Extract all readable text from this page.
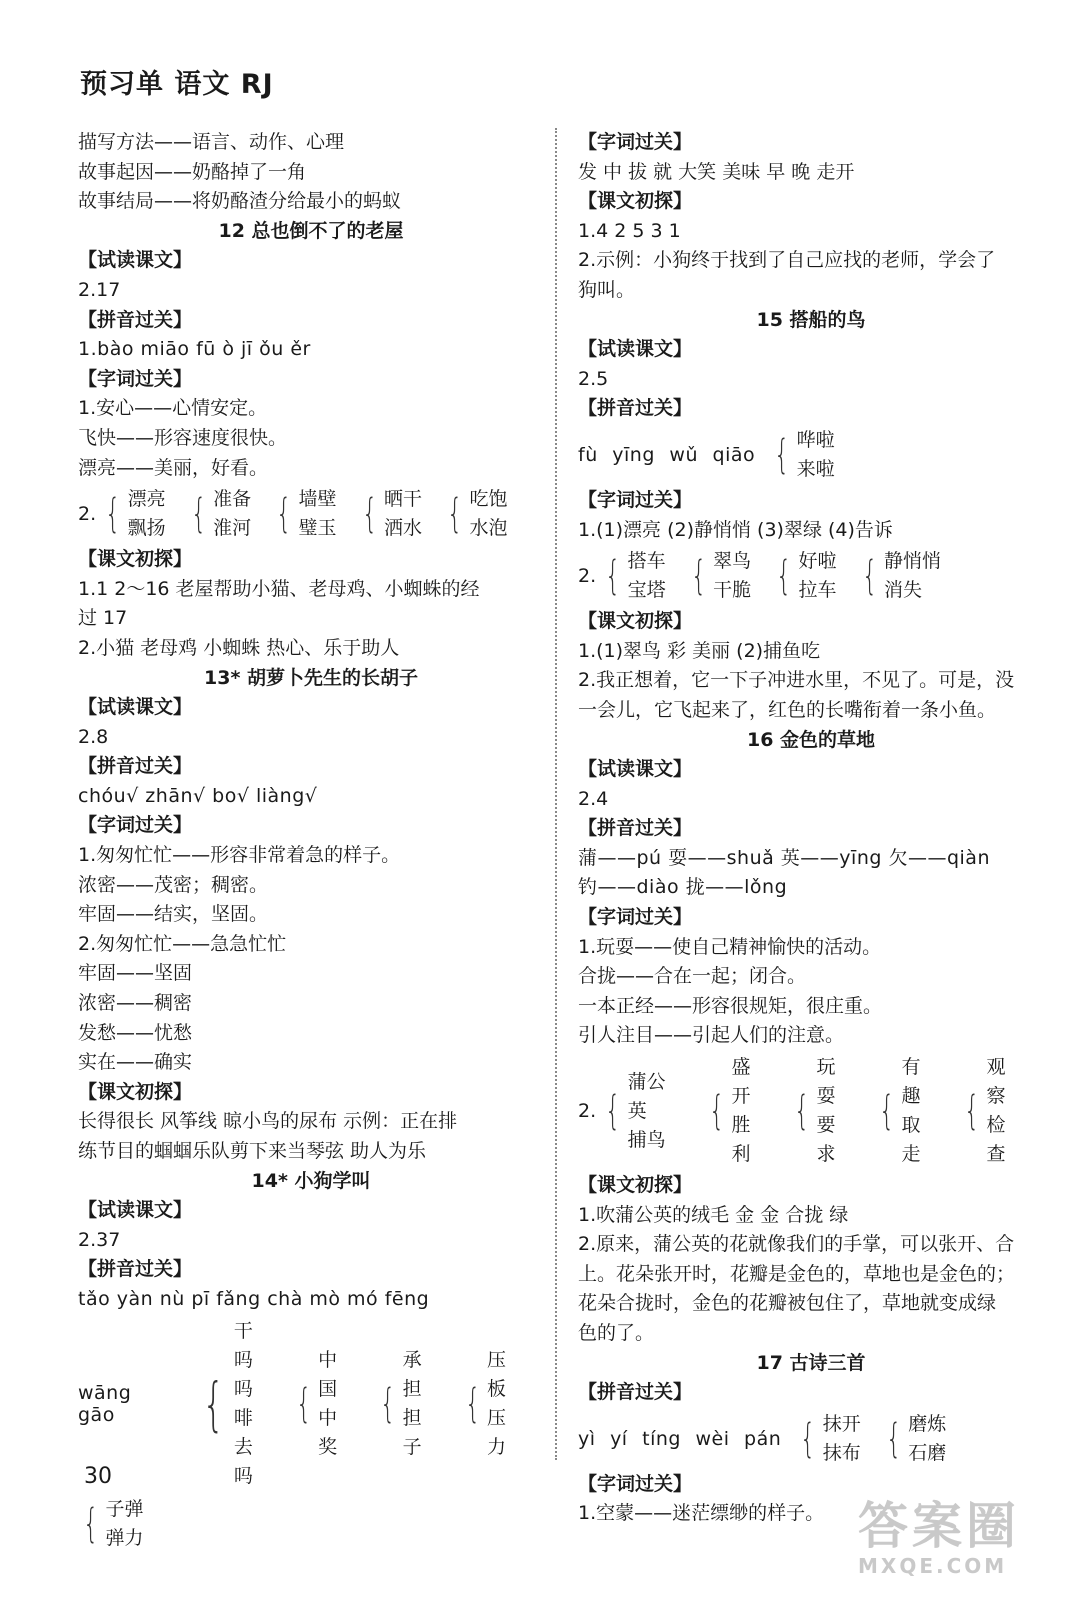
预习单 语文 RJ
描写方法——语言、动作、心理
故事起因——奶酪掉了一角
故事结局——将奶酪渣分给最小的蚂蚁
12 总也倒不了的老屋
【试读课文】
2.17
【拼音过关】
1.bào miāo fū ò jī ǒu ěr
【字词过关】
1.安心——心情安定。
飞快——形容速度很快。
漂亮——美丽，好看。
2. { 漂亮
飘扬 { 准备
淮河 { 墙壁
璧玉 { 晒干
洒水 { 吃饱
水泡
【课文初探】
1.1 2～16 老屋帮助小猫、老母鸡、小蜘蛛的经
过 17
2.小猫 老母鸡 小蜘蛛 热心、乐于助人
13* 胡萝卜先生的长胡子
【试读课文】
2.8
【拼音过关】
chóu√ zhān√ bo√ liàng√
【字词过关】
1.匆匆忙忙——形容非常着急的样子。
浓密——茂密；稠密。
牢固——结实，坚固。
2.匆匆忙忙——急急忙忙
牢固——坚固
浓密——稠密
发愁——忧愁
实在——确实
【课文初探】
长得很长 风筝线 晾小鸟的尿布 示例：正在排
练节目的蝈蝈乐队剪下来当琴弦 助人为乐
14* 小狗学叫
【试读课文】
2.37
【拼音过关】
tǎo yàn nù pī fǎng chà mò mó fēng
wāng gāo	{
干吗
吗啡
去吗
{
中国
中奖
{
承担
担子
{
压板
压力
{ 子弹
弹力
30
【字词过关】
发 中 拔 就 大笑 美味 早 晚 走开
【课文初探】
1.4 2 5 3 1
2.示例：小狗终于找到了自己应找的老师，学会了
狗叫。
15 搭船的鸟
【试读课文】
2.5
【拼音过关】
fù yīng wǔ qiāo { 哗啦
来啦
【字词过关】
1.(1)漂亮 (2)静悄悄 (3)翠绿 (4)告诉
2. { 搭车
宝塔 { 翠鸟
干脆 { 好啦
拉车 { 静悄悄
消失
【课文初探】
1.(1)翠鸟 彩 美丽 (2)捕鱼吃
2.我正想着，它一下子冲进水里，不见了。可是，没
一会儿，它飞起来了，红色的长嘴衔着一条小鱼。
16 金色的草地
【试读课文】
2.4
【拼音过关】
蒲——pú 耍——shuǎ 英——yīng 欠——qiàn
钓——diào 拢——lǒng
【字词过关】
1.玩耍——使自己精神愉快的活动。
合拢——合在一起；闭合。
一本正经——形容很规矩，很庄重。
引人注目——引起人们的注意。
2. {
蒲公英
捕鸟
{
盛开
胜利
{
玩耍
要求
{
有趣
取走
{
观察
检查
【课文初探】
1.吹蒲公英的绒毛 金 金 合拢 绿
2.原来，蒲公英的花就像我们的手掌，可以张开、合
上。花朵张开时，花瓣是金色的，草地也是金色的；
花朵合拢时，金色的花瓣被包住了，草地就变成绿
色的了。
17 古诗三首
【拼音过关】
yì yí tíng wèi pán { 抹开
抹布 { 磨炼
石磨
【字词过关】
1.空蒙——迷茫缥缈的样子。 答案圈
MXQE.COM
